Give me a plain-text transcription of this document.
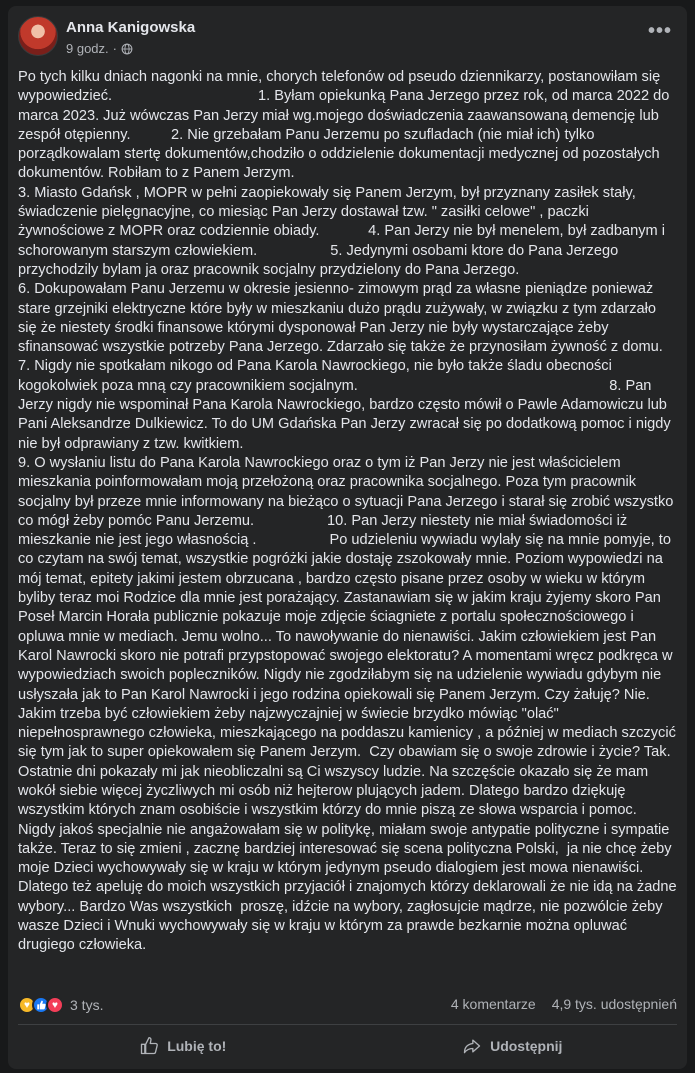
Anna Kanigowska
9 godz. ·
•••
Po tych kilku dniach nagonki na mnie, chorych telefonów od pseudo dziennikarzy, postanowiłam się wypowiedzieć.                                    1. Byłam opiekunką Pana Jerzego przez rok, od marca 2022 do marca 2023. Już wówczas Pan Jerzy miał wg.mojego doświadczenia zaawansowaną demencję lub zespół otępienny.          2. Nie grzebałam Panu Jerzemu po szufladach (nie miał ich) tylko porządkowalam stertę dokumentów,chodziło o oddzielenie dokumentacji medycznej od pozostałych dokumentów. Robiłam to z Panem Jerzym.
3. Miasto Gdańsk , MOPR w pełni zaopiekowały się Panem Jerzym, był przyznany zasiłek stały, świadczenie pielęgnacyjne, co miesiąc Pan Jerzy dostawał tzw. " zasiłki celowe" , paczki żywnościowe z MOPR oraz codziennie obiady.            4. Pan Jerzy nie był menelem, był zadbanym i schorowanym starszym człowiekiem.                  5. Jedynymi osobami ktore do Pana Jerzego przychodzily bylam ja oraz pracownik socjalny przydzielony do Pana Jerzego.
6. Dokupowałam Panu Jerzemu w okresie jesienno- zimowym prąd za własne pieniądze ponieważ stare grzejniki elektryczne które były w mieszkaniu dużo prądu zużywały, w związku z tym zdarzało się że niestety środki finansowe którymi dysponował Pan Jerzy nie były wystarczające żeby sfinansować wszystkie potrzeby Pana Jerzego. Zdarzało się także że przynosiłam żywność z domu.
7. Nigdy nie spotkałam nikogo od Pana Karola Nawrockiego, nie było także śladu obecności kogokolwiek poza mną czy pracownikiem socjalnym.                                                              8. Pan Jerzy nigdy nie wspominał Pana Karola Nawrockiego, bardzo często mówił o Pawle Adamowiczu lub Pani Aleksandrze Dulkiewicz. To do UM Gdańska Pan Jerzy zwracał się po dodatkową pomoc i nigdy nie był odprawiany z tzw. kwitkiem.
9. O wysłaniu listu do Pana Karola Nawrockiego oraz o tym iż Pan Jerzy nie jest właścicielem mieszkania poinformowałam moją przełożoną oraz pracownika socjalnego. Poza tym pracownik socjalny był przeze mnie informowany na bieżąco o sytuacji Pana Jerzego i starał się zrobić wszystko co mógł żeby pomóc Panu Jerzemu.                  10. Pan Jerzy niestety nie miał świadomości iż mieszkanie nie jest jego własnością .                  Po udzieleniu wywiadu wylały się na mnie pomyje, to co czytam na swój temat, wszystkie pogróżki jakie dostaję zszokowały mnie. Poziom wypowiedzi na mój temat, epitety jakimi jestem obrzucana , bardzo często pisane przez osoby w wieku w którym byliby teraz moi Rodzice dla mnie jest porażający. Zastanawiam się w jakim kraju żyjemy skoro Pan Poseł Marcin Horała publicznie pokazuje moje zdjęcie ściagniete z portalu społecznościowego i opluwa mnie w mediach. Jemu wolno... To nawoływanie do nienawiści. Jakim człowiekiem jest Pan Karol Nawrocki skoro nie potrafi przypstopować swojego elektoratu? A momentami wręcz podkręca w wypowiedziach swoich popleczników. Nigdy nie zgodziłabym się na udzielenie wywiadu gdybym nie usłyszała jak to Pan Karol Nawrocki i jego rodzina opiekowali się Panem Jerzym. Czy żałuję? Nie. Jakim trzeba być człowiekiem żeby najzwyczajniej w świecie brzydko mówiąc "olać" niepełnosprawnego człowieka, mieszkającego na poddaszu kamienicy , a później w mediach szczycić się tym jak to super opiekowałem się Panem Jerzym.  Czy obawiam się o swoje zdrowie i życie? Tak. Ostatnie dni pokazały mi jak nieobliczalni są Ci wszyscy ludzie. Na szczęście okazało się że mam wokół siebie więcej życzliwych mi osób niż hejterow plujących jadem. Dlatego bardzo dziękuję wszystkim których znam osobiście i wszystkim którzy do mnie piszą ze słowa wsparcia i pomoc. Nigdy jakoś specjalnie nie angażowałam się w politykę, miałam swoje antypatie polityczne i sympatie także. Teraz to się zmieni , zacznę bardziej interesować się scena polityczna Polski,  ja nie chcę żeby moje Dzieci wychowywały się w kraju w którym jedynym pseudo dialogiem jest mowa nienawiści.  Dlatego też apeluję do moich wszystkich przyjaciół i znajomych którzy deklarowali że nie idą na żadne wybory... Bardzo Was wszystkich  proszę, idźcie na wybory, zagłosujcie mądrze, nie pozwólcie żeby wasze Dzieci i Wnuki wychowywały się w kraju w którym za prawde bezkarnie można opluwać drugiego człowieka.
♥	♥ 3 tys.	4 komentarze 4,9 tys. udostępnień
Lubię to!	Udostępnij
